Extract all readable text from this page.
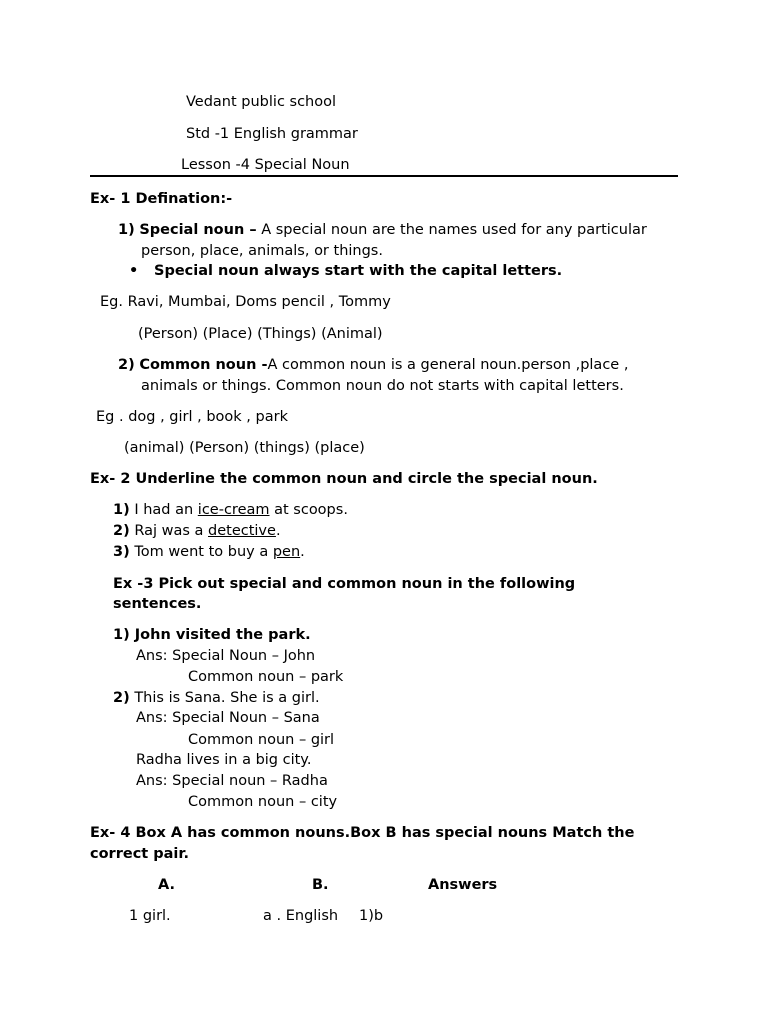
Vedant public school
Std -1 English grammar
Lesson -4 Special Noun
Ex- 1 Defination:-
1) Special noun – A special noun are the names used for any particular
person, place, animals, or things.
• Special noun always start with the capital letters.
Eg. Ravi, Mumbai, Doms pencil , Tommy
(Person) (Place) (Things) (Animal)
2) Common noun -A common noun is a general noun.person ,place ,
animals or things. Common noun do not starts with capital letters.
Eg . dog , girl , book , park
(animal) (Person) (things) (place)
Ex- 2 Underline the common noun and circle the special noun.
1) I had an ice-cream at scoops.
2) Raj was a detective.
3) Tom went to buy a pen.
Ex -3 Pick out special and common noun in the following
sentences.
1) John visited the park.
Ans: Special Noun – John
Common noun – park
2) This is Sana. She is a girl.
Ans: Special Noun – Sana
Common noun – girl
Radha lives in a big city.
Ans: Special noun – Radha
Common noun – city
Ex- 4 Box A has common nouns.Box B has special nouns Match the
correct pair.
A.	B.	Answers
1 girl.	a . English 1)b
